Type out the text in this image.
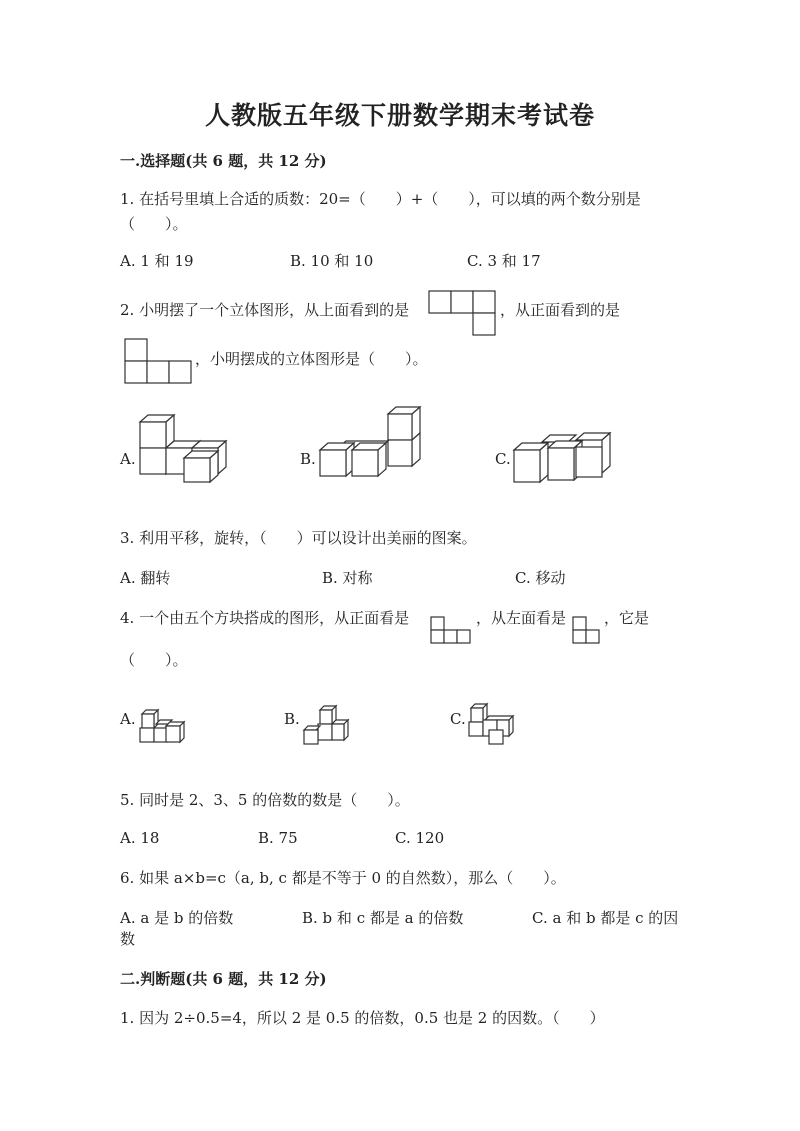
人教版五年级下册数学期末考试卷
一.选择题(共 6 题，共 12 分)
1. 在括号里填上合适的质数：20=（　　）+（　　），可以填的两个数分别是
（　　）。
A. 1 和 19	B. 10 和 10	C. 3 和 17
2. 小明摆了一个立体图形，从上面看到的是	，从正面看到的是
，小明摆成的立体图形是（　　）。
A.	B.	C.
3. 利用平移，旋转，（　　）可以设计出美丽的图案。
A. 翻转	B. 对称	C. 移动
4. 一个由五个方块搭成的图形，从正面看是	，从左面看是	，它是
（　　）。
A.	B.	C.
5. 同时是 2、3、5 的倍数的数是（　　）。
A. 18	B. 75	C. 120
6. 如果 a×b=c（a, b, c 都是不等于 0 的自然数），那么（　　）。
A. a 是 b 的倍数	B. b 和 c 都是 a 的倍数	C. a 和 b 都是 c 的因
数
二.判断题(共 6 题，共 12 分)
1. 因为 2÷0.5=4，所以 2 是 0.5 的倍数，0.5 也是 2 的因数。（　　）
